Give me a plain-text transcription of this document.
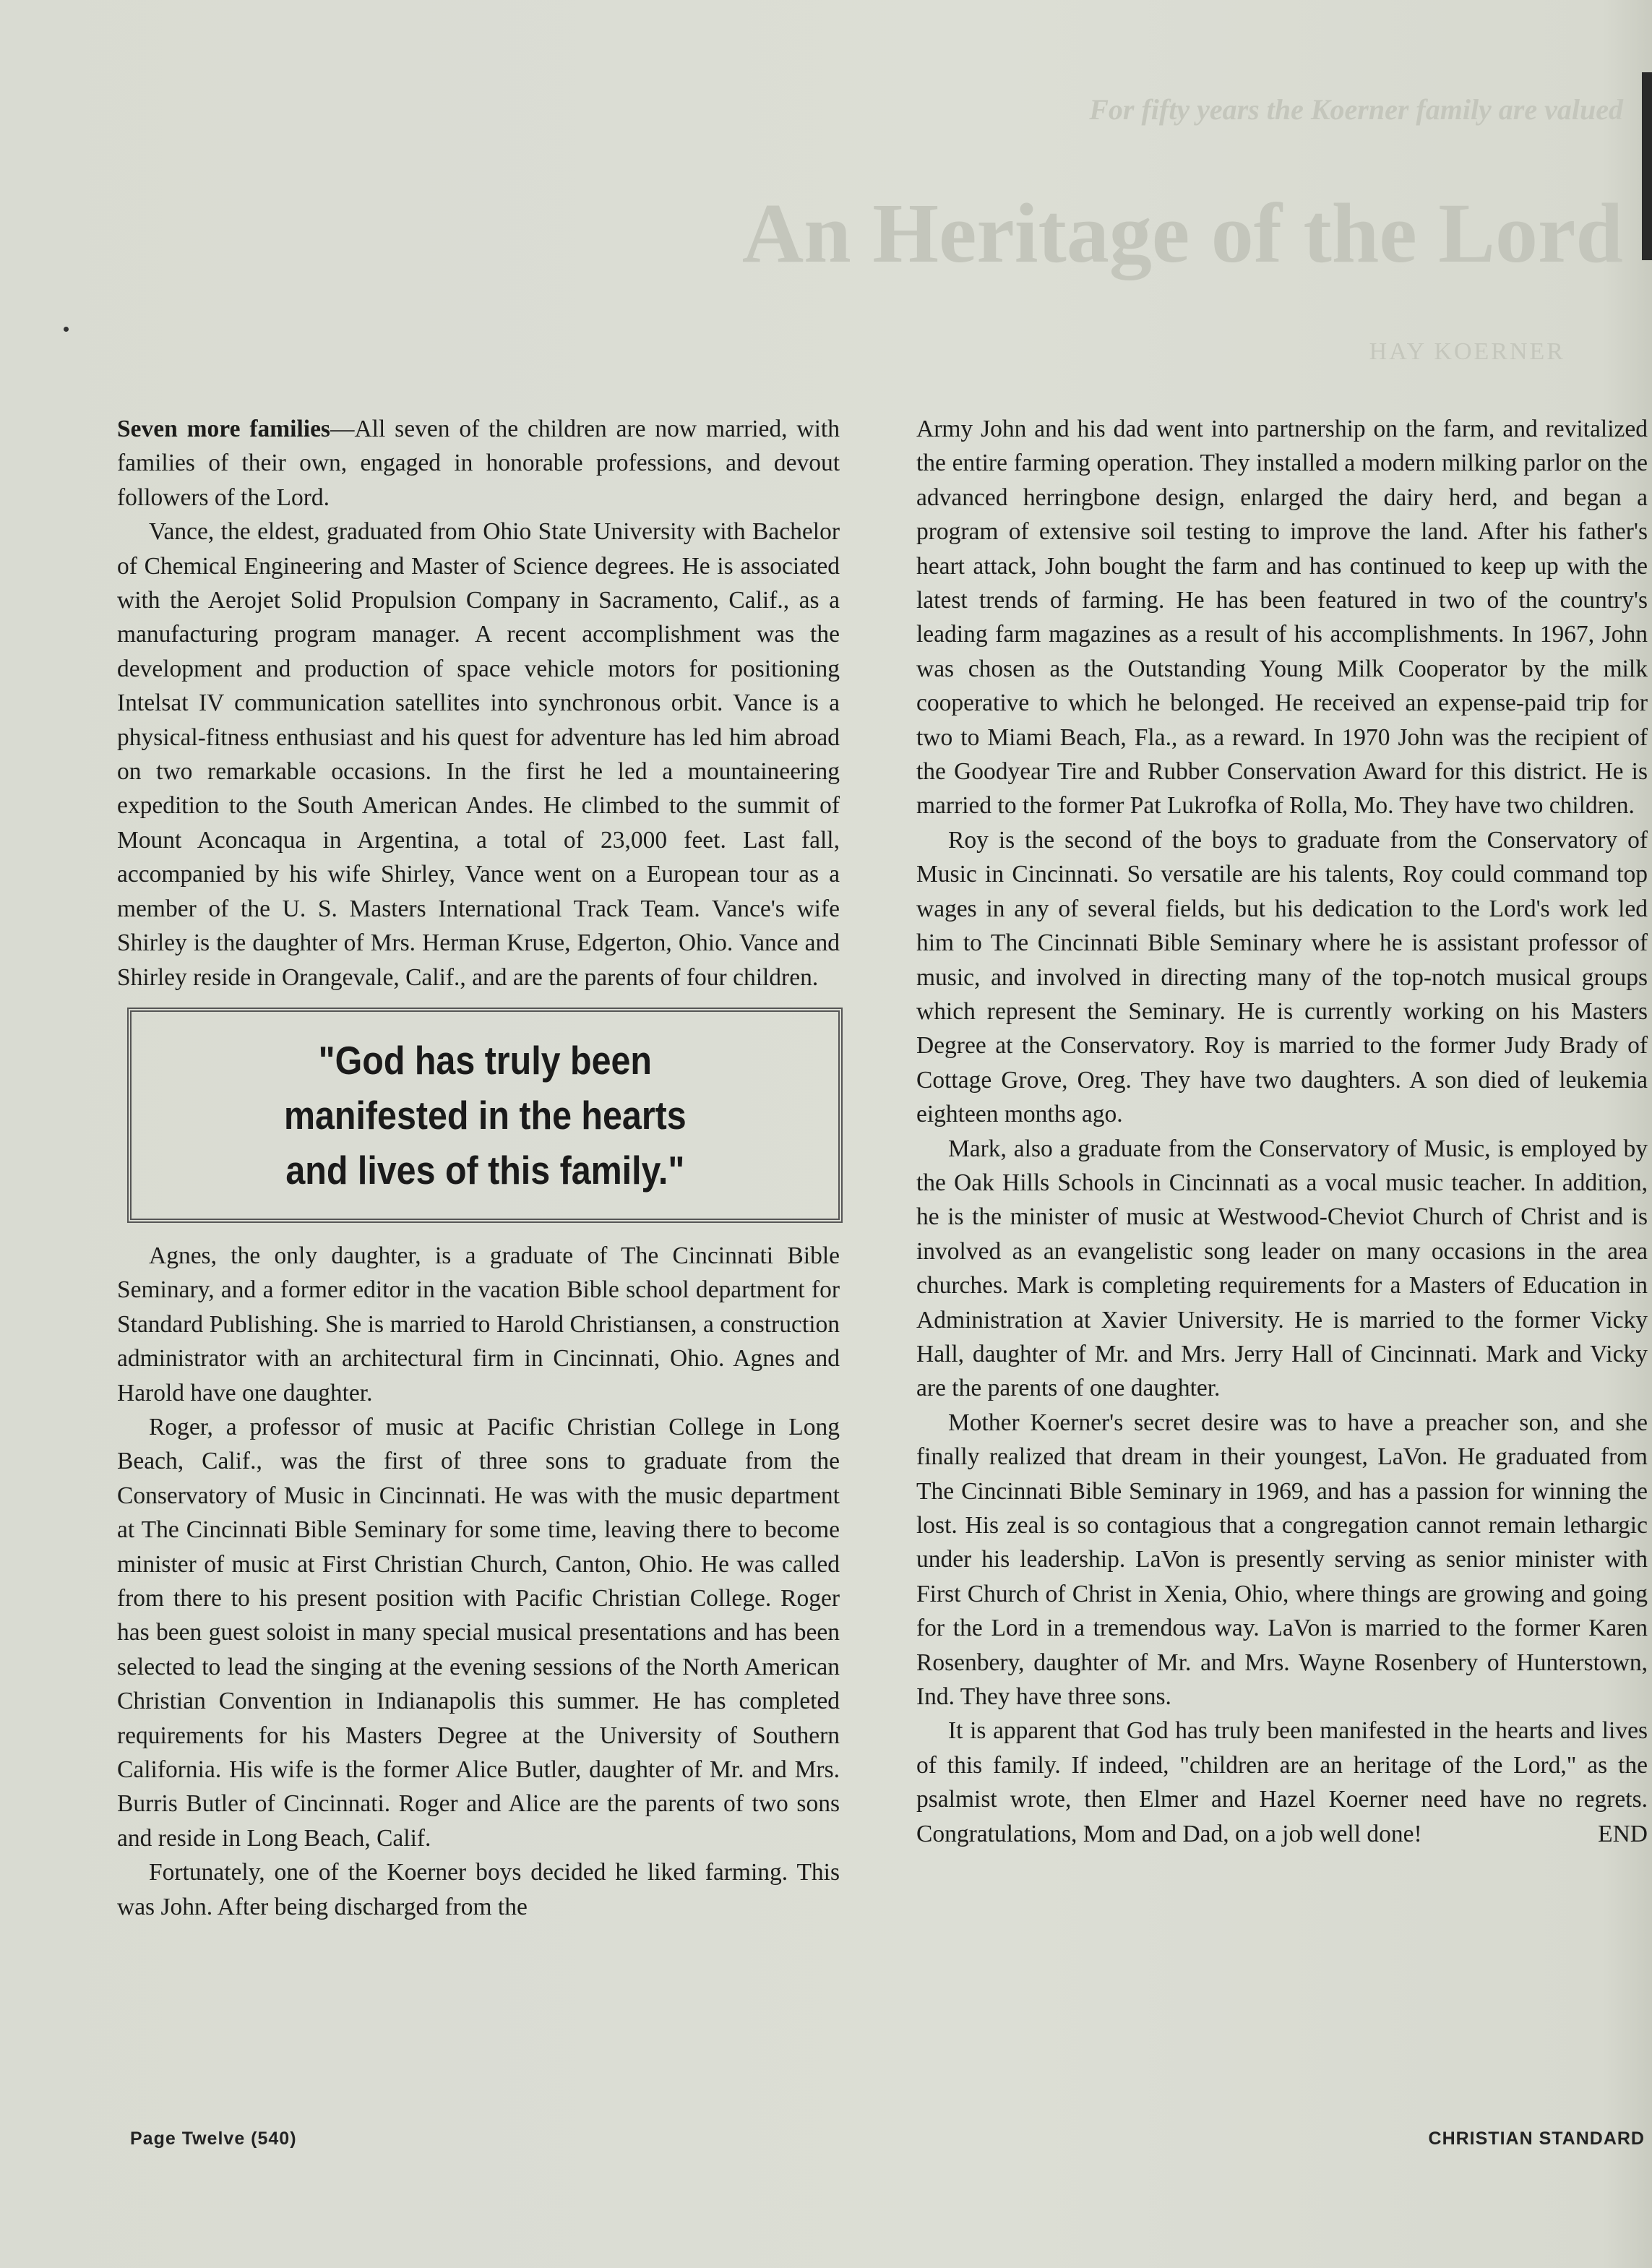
For fifty years the Koerner family are valued
An Heritage of the Lord
HAY KOERNER

Seven more families—All seven of the children are now married, with families of their own, engaged in honorable professions, and devout followers of the Lord.

Vance, the eldest, graduated from Ohio State University with Bachelor of Chemical Engineering and Master of Science degrees. He is associated with the Aerojet Solid Propulsion Company in Sacramento, Calif., as a manufacturing program manager. A recent accomplishment was the development and production of space vehicle motors for positioning Intelsat IV communication satellites into synchronous orbit. Vance is a physical-fitness enthusiast and his quest for adventure has led him abroad on two remarkable occasions. In the first he led a mountaineering expedition to the South American Andes. He climbed to the summit of Mount Aconcaqua in Argentina, a total of 23,000 feet. Last fall, accompanied by his wife Shirley, Vance went on a European tour as a member of the U. S. Masters International Track Team. Vance's wife Shirley is the daughter of Mrs. Herman Kruse, Edgerton, Ohio. Vance and Shirley reside in Orangevale, Calif., and are the parents of four children.

"God has truly been
manifested in the hearts
and lives of this family."

Agnes, the only daughter, is a graduate of The Cincinnati Bible Seminary, and a former editor in the vacation Bible school department for Standard Publishing. She is married to Harold Christiansen, a construction administrator with an architectural firm in Cincinnati, Ohio. Agnes and Harold have one daughter.

Roger, a professor of music at Pacific Christian College in Long Beach, Calif., was the first of three sons to graduate from the Conservatory of Music in Cincinnati. He was with the music department at The Cincinnati Bible Seminary for some time, leaving there to become minister of music at First Christian Church, Canton, Ohio. He was called from there to his present position with Pacific Christian College. Roger has been guest soloist in many special musical presentations and has been selected to lead the singing at the evening sessions of the North American Christian Convention in Indianapolis this summer. He has completed requirements for his Masters Degree at the University of Southern California. His wife is the former Alice Butler, daughter of Mr. and Mrs. Burris Butler of Cincinnati. Roger and Alice are the parents of two sons and reside in Long Beach, Calif.

Fortunately, one of the Koerner boys decided he liked farming. This was John. After being discharged from the

Army John and his dad went into partnership on the farm, and revitalized the entire farming operation. They installed a modern milking parlor on the advanced herringbone design, enlarged the dairy herd, and began a program of extensive soil testing to improve the land. After his father's heart attack, John bought the farm and has continued to keep up with the latest trends of farming. He has been featured in two of the country's leading farm magazines as a result of his accomplishments. In 1967, John was chosen as the Outstanding Young Milk Cooperator by the milk cooperative to which he belonged. He received an expense-paid trip for two to Miami Beach, Fla., as a reward. In 1970 John was the recipient of the Goodyear Tire and Rubber Conservation Award for this district. He is married to the former Pat Lukrofka of Rolla, Mo. They have two children.

Roy is the second of the boys to graduate from the Conservatory of Music in Cincinnati. So versatile are his talents, Roy could command top wages in any of several fields, but his dedication to the Lord's work led him to The Cincinnati Bible Seminary where he is assistant professor of music, and involved in directing many of the top-notch musical groups which represent the Seminary. He is currently working on his Masters Degree at the Conservatory. Roy is married to the former Judy Brady of Cottage Grove, Oreg. They have two daughters. A son died of leukemia eighteen months ago.

Mark, also a graduate from the Conservatory of Music, is employed by the Oak Hills Schools in Cincinnati as a vocal music teacher. In addition, he is the minister of music at Westwood-Cheviot Church of Christ and is involved as an evangelistic song leader on many occasions in the area churches. Mark is completing requirements for a Masters of Education in Administration at Xavier University. He is married to the former Vicky Hall, daughter of Mr. and Mrs. Jerry Hall of Cincinnati. Mark and Vicky are the parents of one daughter.

Mother Koerner's secret desire was to have a preacher son, and she finally realized that dream in their youngest, LaVon. He graduated from The Cincinnati Bible Seminary in 1969, and has a passion for winning the lost. His zeal is so contagious that a congregation cannot remain lethargic under his leadership. LaVon is presently serving as senior minister with First Church of Christ in Xenia, Ohio, where things are growing and going for the Lord in a tremendous way. LaVon is married to the former Karen Rosenbery, daughter of Mr. and Mrs. Wayne Rosenbery of Hunterstown, Ind. They have three sons.

It is apparent that God has truly been manifested in the hearts and lives of this family. If indeed, "children are an heritage of the Lord," as the psalmist wrote, then Elmer and Hazel Koerner need have no regrets. Congratulations, Mom and Dad, on a job well done!	END

Page Twelve (540)	CHRISTIAN STANDARD
